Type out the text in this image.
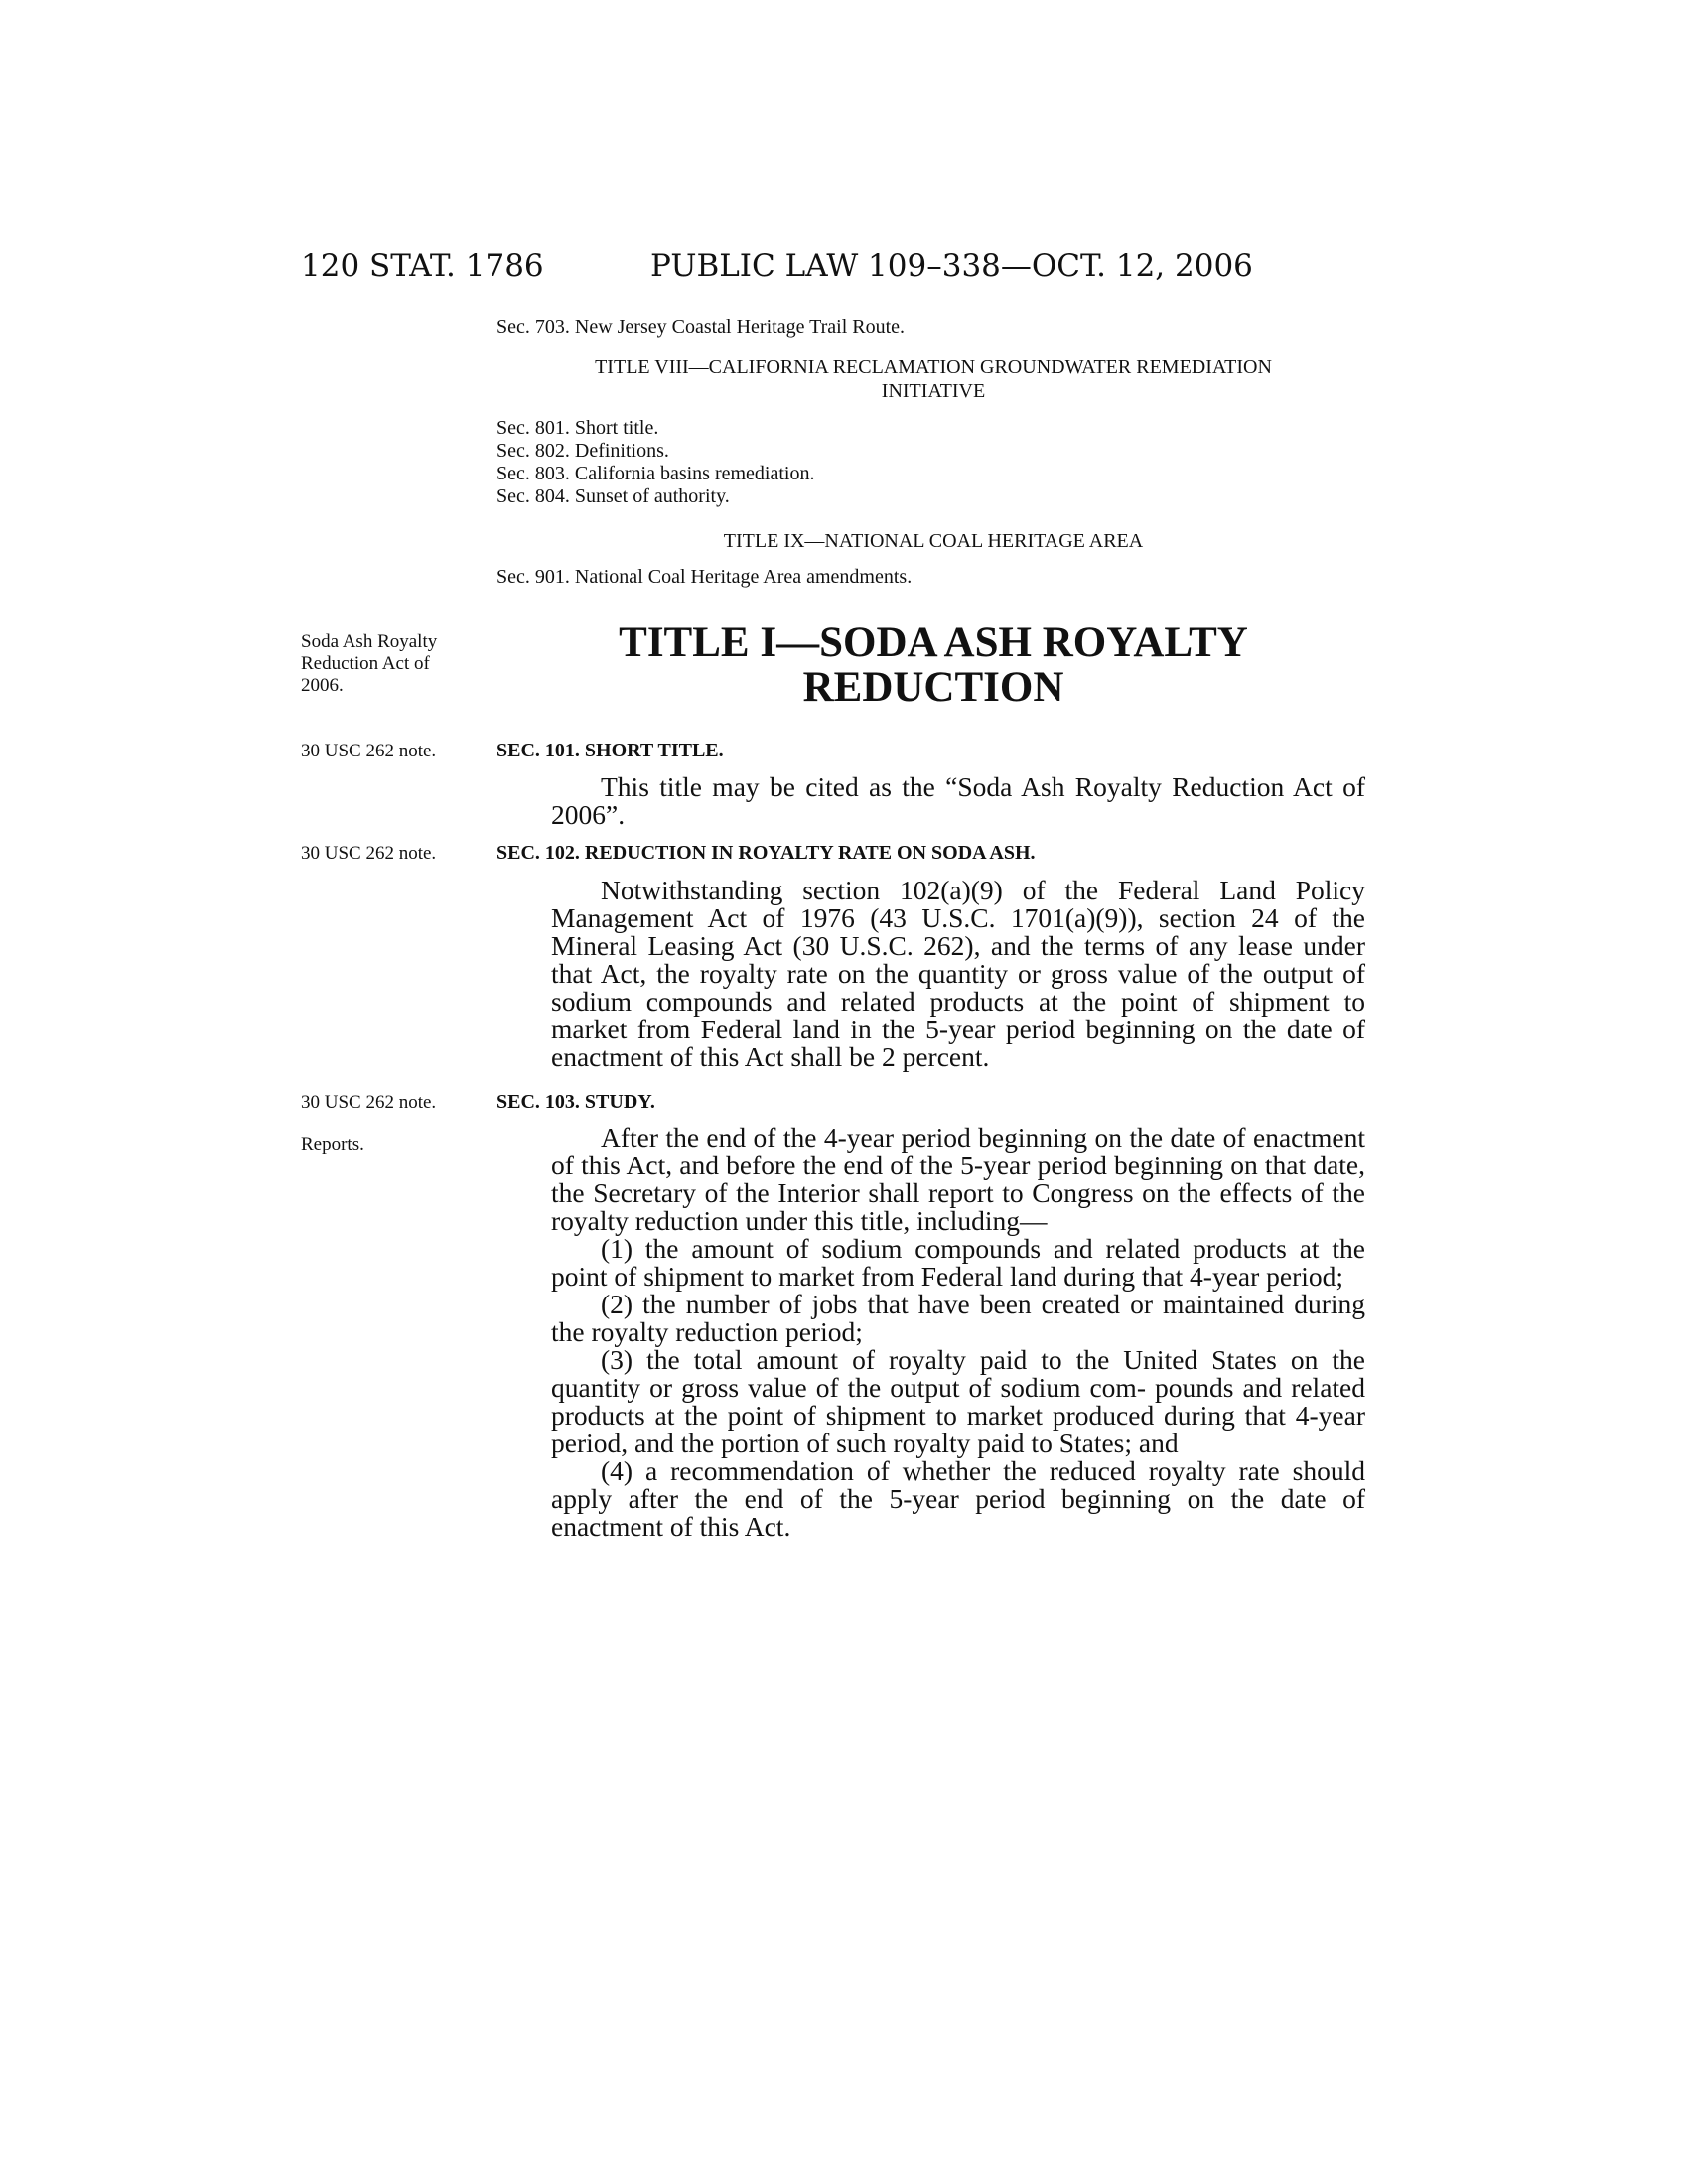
120 STAT. 1786	PUBLIC LAW 109–338—OCT. 12, 2006
Sec. 703. New Jersey Coastal Heritage Trail Route.
TITLE VIII—CALIFORNIA RECLAMATION GROUNDWATER REMEDIATION
INITIATIVE
Sec. 801. Short title.
Sec. 802. Definitions.
Sec. 803. California basins remediation.
Sec. 804. Sunset of authority.
TITLE IX—NATIONAL COAL HERITAGE AREA
Sec. 901. National Coal Heritage Area amendments.
Soda Ash Royalty
Reduction Act of
2006.
TITLE I—SODA ASH ROYALTY
REDUCTION
30 USC 262 note.	SEC. 101. SHORT TITLE.

This title may be cited as the “Soda Ash Royalty Reduction Act of 2006”.

30 USC 262 note.	SEC. 102. REDUCTION IN ROYALTY RATE ON SODA ASH.

Notwithstanding section 102(a)(9) of the Federal Land Policy Management Act of 1976 (43 U.S.C. 1701(a)(9)), section 24 of the Mineral Leasing Act (30 U.S.C. 262), and the terms of any lease under that Act, the royalty rate on the quantity or gross value of the output of sodium compounds and related products at the point of shipment to market from Federal land in the 5-year period beginning on the date of enactment of this Act shall be 2 percent.

30 USC 262 note.	SEC. 103. STUDY.
Reports.	After the end of the 4-year period beginning on the date of enactment of this Act, and before the end of the 5-year period beginning on that date, the Secretary of the Interior shall report to Congress on the effects of the royalty reduction under this title, including—

(1) the amount of sodium compounds and related products at the point of shipment to market from Federal land during that 4-year period;

(2) the number of jobs that have been created or maintained during the royalty reduction period;

(3) the total amount of royalty paid to the United States on the quantity or gross value of the output of sodium com- pounds and related products at the point of shipment to market produced during that 4-year period, and the portion of such royalty paid to States; and

(4) a recommendation of whether the reduced royalty rate should apply after the end of the 5-year period beginning on the date of enactment of this Act.
